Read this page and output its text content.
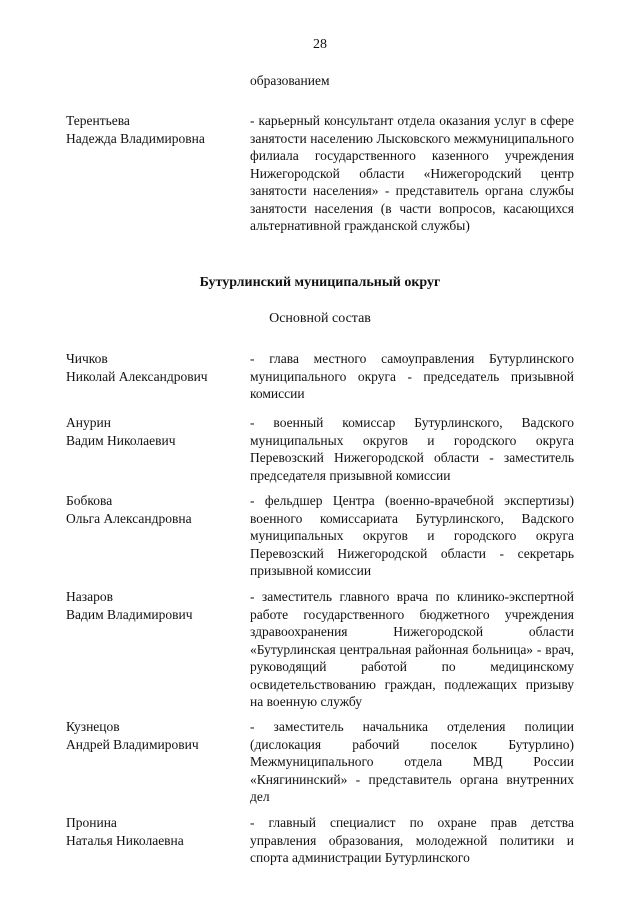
28
образованием
Терентьева
Надежда Владимировна
- карьерный консультант отдела оказания услуг в сфере занятости населению Лысковского межмуниципального филиала государственного казенного учреждения Нижегородской области «Нижегородский центр занятости населения» - представитель органа службы занятости населения (в части вопросов, касающихся альтернативной гражданской службы)
Бутурлинский муниципальный округ
Основной состав
Чичков
Николай Александрович
- глава местного самоуправления Бутурлинского муниципального округа - председатель призывной комиссии
Анурин
Вадим Николаевич
- военный комиссар Бутурлинского, Вадского муниципальных округов и городского округа Перевозский Нижегородской области - заместитель председателя призывной комиссии
Бобкова
Ольга Александровна
- фельдшер Центра (военно-врачебной экспертизы) военного комиссариата Бутурлинского, Вадского муниципальных округов и городского округа Перевозский Нижегородской области - секретарь призывной комиссии
Назаров
Вадим Владимирович
- заместитель главного врача по клинико-экспертной работе государственного бюджетного учреждения здравоохранения Нижегородской области «Бутурлинская центральная районная больница» - врач, руководящий работой по медицинскому освидетельствованию граждан, подлежащих призыву на военную службу
Кузнецов
Андрей Владимирович
- заместитель начальника отделения полиции (дислокация рабочий поселок Бутурлино) Межмуниципального отдела МВД России «Княгининский» - представитель органа внутренних дел
Пронина
Наталья Николаевна
- главный специалист по охране прав детства управления образования, молодежной политики и спорта администрации Бутурлинского
